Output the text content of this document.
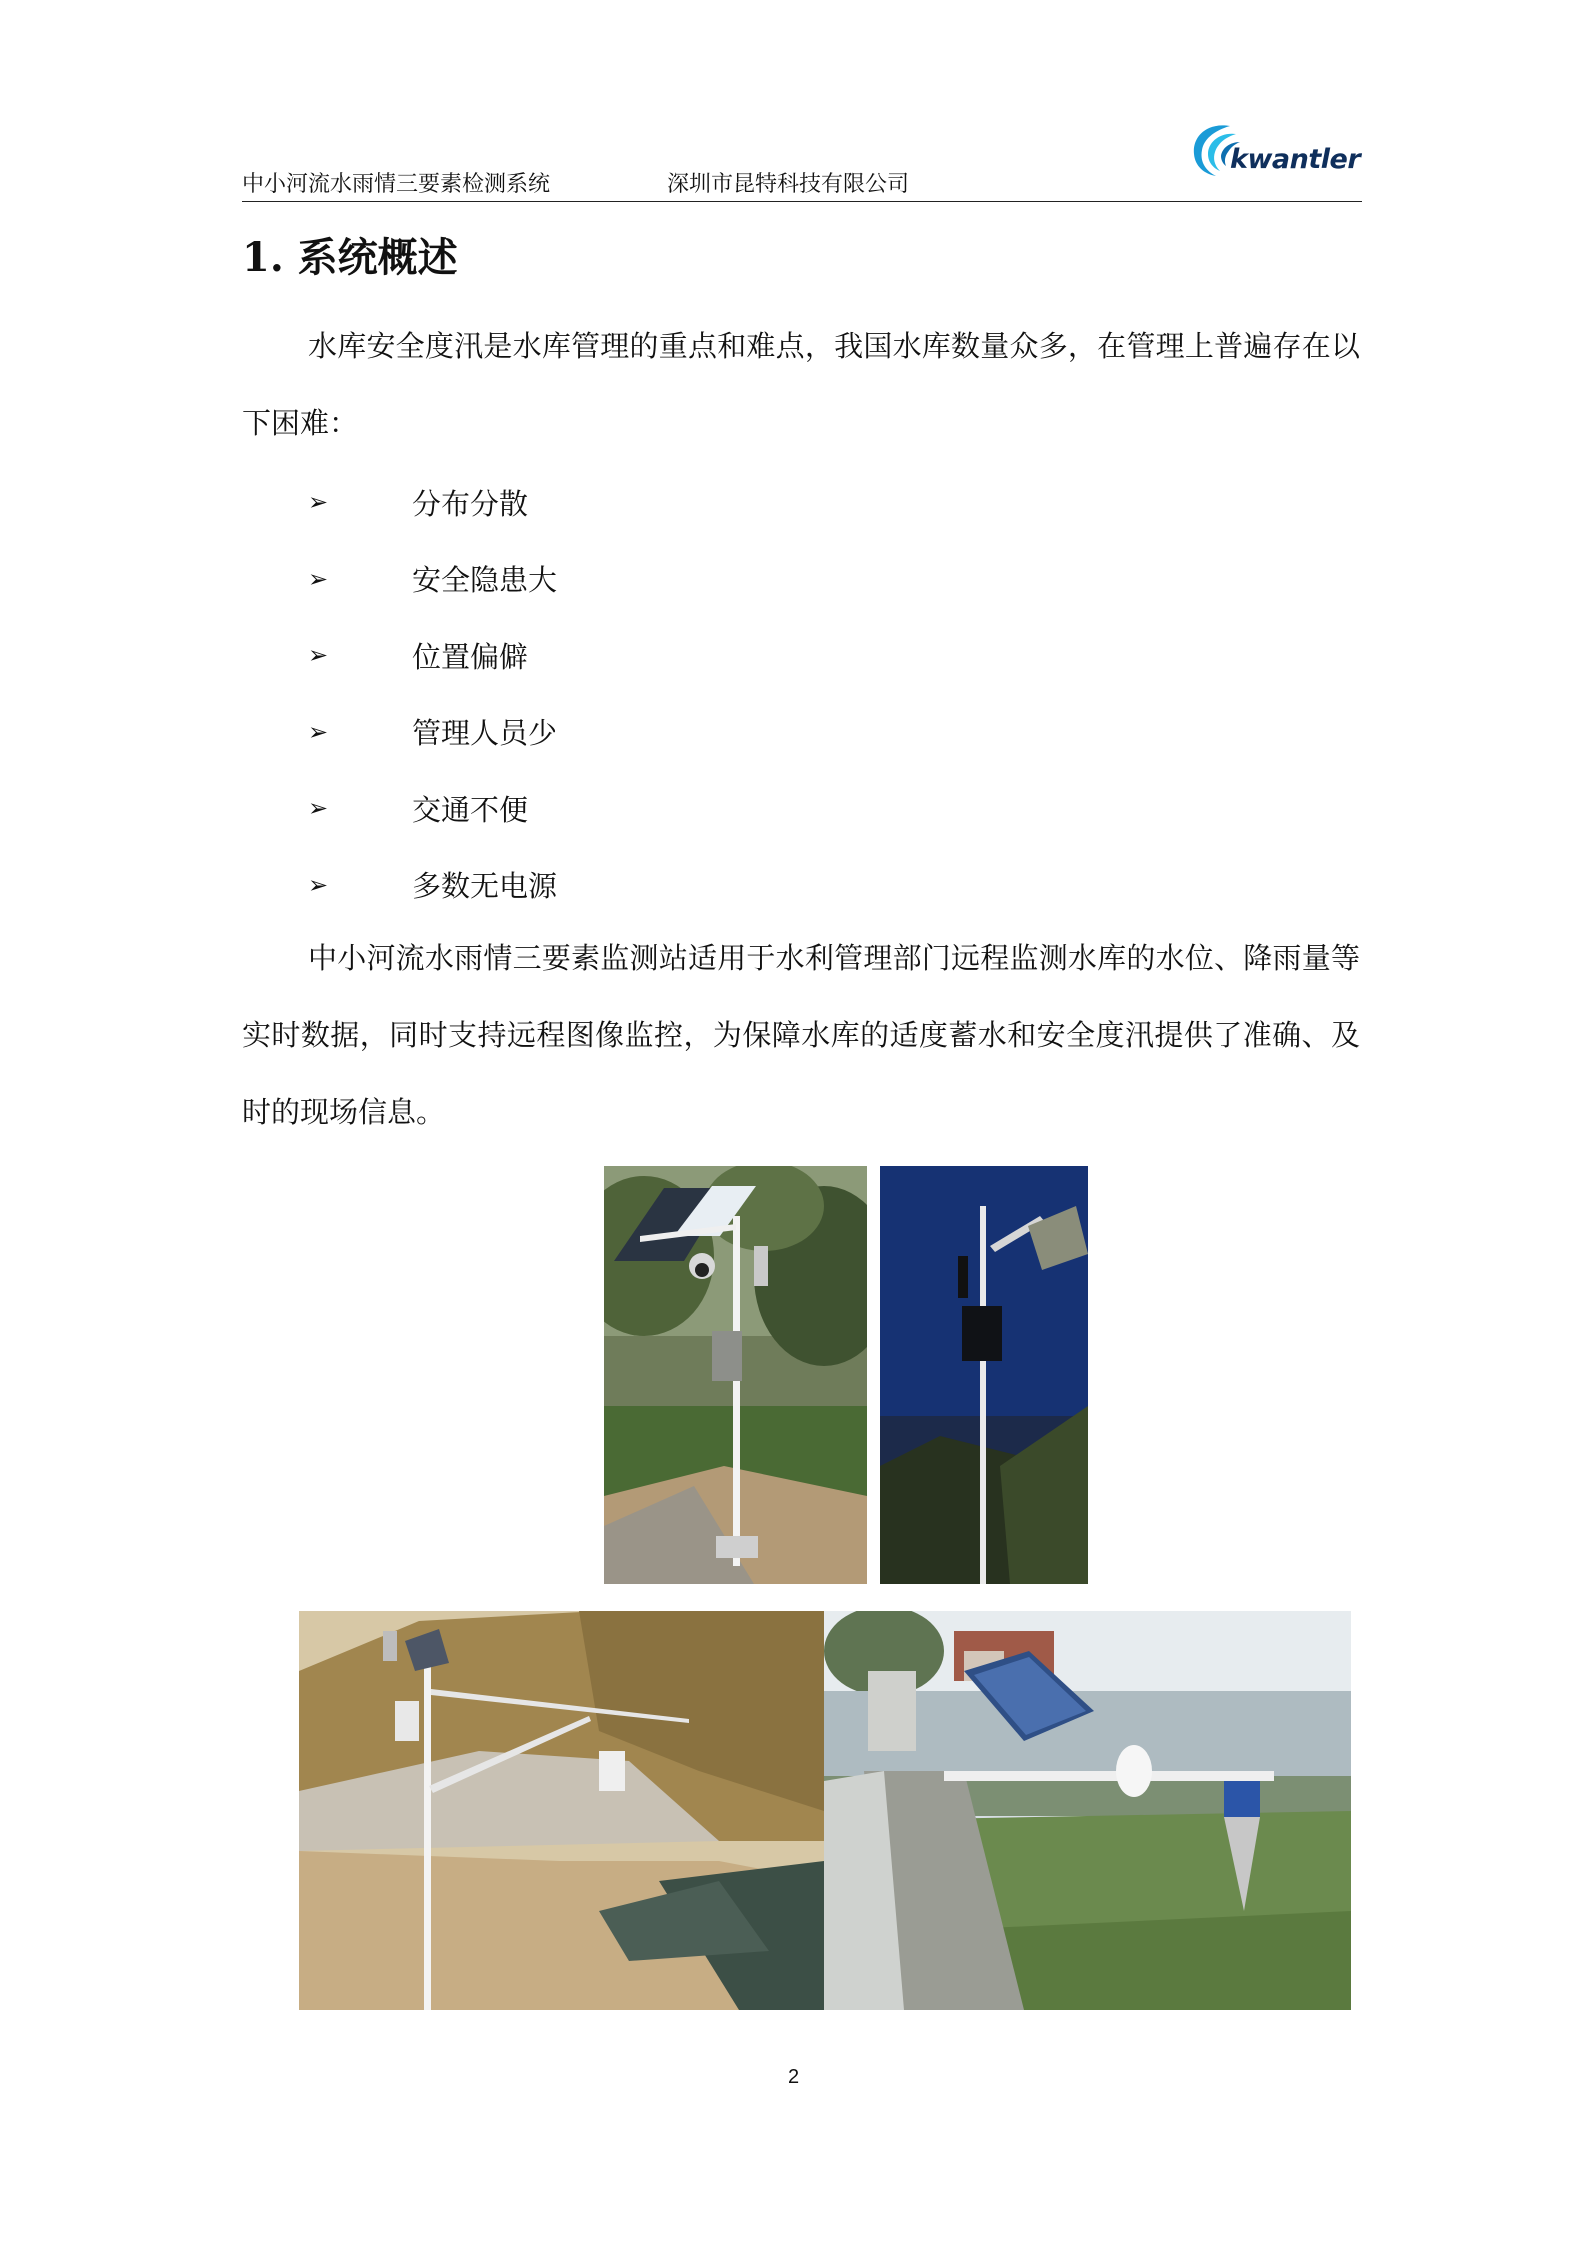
中小河流水雨情三要素检测系统	深圳市昆特科技有限公司
kwantler
1. 系统概述
水库安全度汛是水库管理的重点和难点，我国水库数量众多，在管理上普遍存在以下困难：
➢	分布分散
➢	安全隐患大
➢	位置偏僻
➢	管理人员少
➢	交通不便
➢	多数无电源
中小河流水雨情三要素监测站适用于水利管理部门远程监测水库的水位、降雨量等实时数据，同时支持远程图像监控，为保障水库的适度蓄水和安全度汛提供了准确、及时的现场信息。
2
